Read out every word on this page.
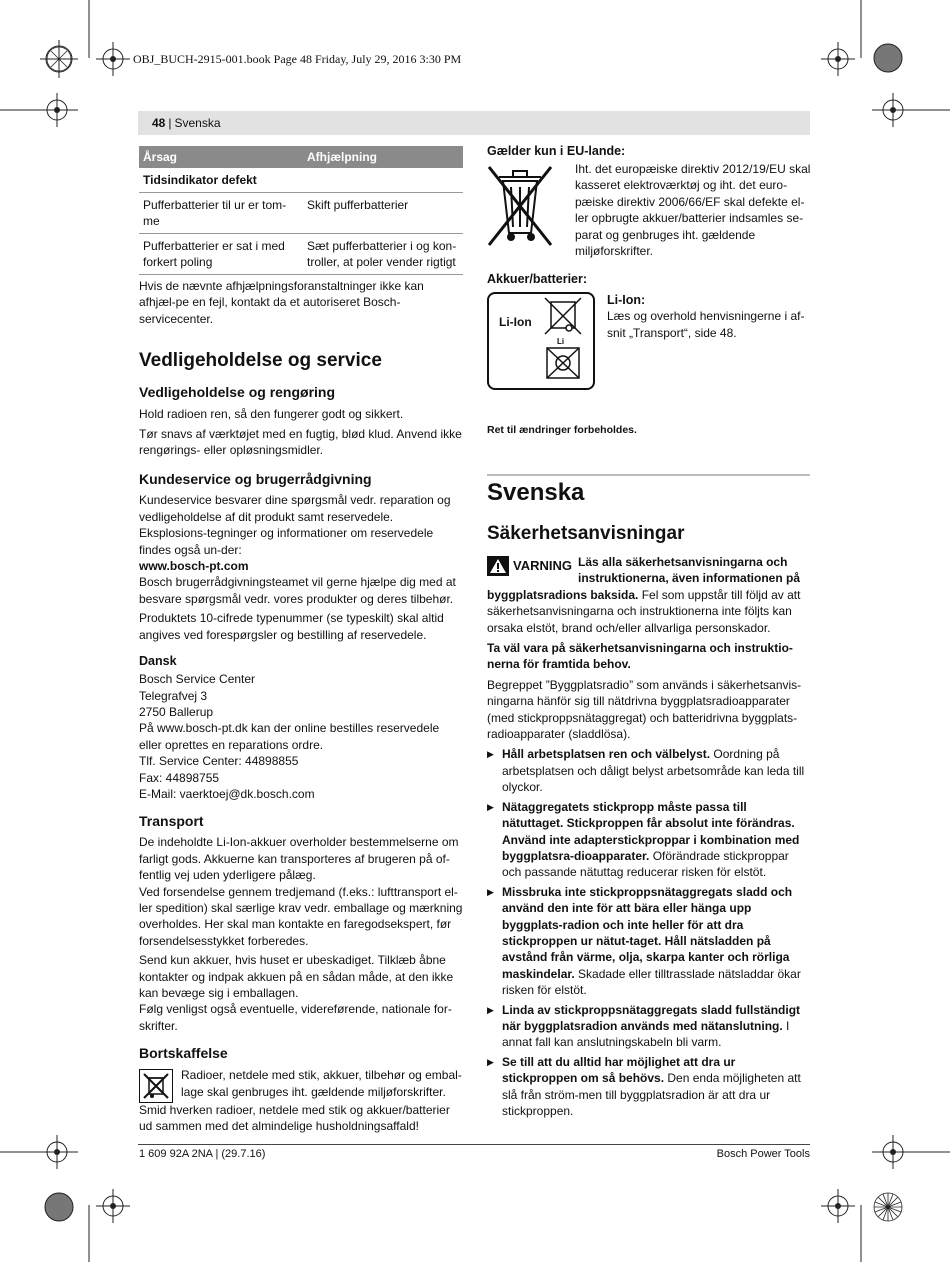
OBJ_BUCH-2915-001.book Page 48 Friday, July 29, 2016 3:30 PM
48 | Svenska
Årsag	Afhjælpning
Tidsindikator defekt	
Pufferbatterier til ur er tom-me	Skift pufferbatterier
Pufferbatterier er sat i med forkert poling	Sæt pufferbatterier i og kon-troller, at poler vender rigtigt

Hvis de nævnte afhjælpningsforanstaltninger ikke kan afhjæl-pe en fejl, kontakt da et autoriseret Bosch-servicecenter.

Vedligeholdelse og service
Vedligeholdelse og rengøring

Hold radioen ren, så den fungerer godt og sikkert.

Tør snavs af værktøjet med en fugtig, blød klud. Anvend ikke rengørings- eller opløsningsmidler.

Kundeservice og brugerrådgivning

Kundeservice besvarer dine spørgsmål vedr. reparation og vedligeholdelse af dit produkt samt reservedele. Eksplosions-tegninger og informationer om reservedele findes også un-der:

www.bosch-pt.com

Bosch brugerrådgivningsteamet vil gerne hjælpe dig med at besvare spørgsmål vedr. vores produkter og deres tilbehør.

Produktets 10-cifrede typenummer (se typeskilt) skal altid angives ved forespørgsler og bestilling af reservedele.

Dansk
Bosch Service Center
Telegrafvej 3
2750 Ballerup
På www.bosch-pt.dk kan der online bestilles reservedele eller oprettes en reparations ordre.
Tlf. Service Center: 44898855
Fax: 44898755
E-Mail: vaerktoej@dk.bosch.com
Transport

De indeholdte Li-Ion-akkuer overholder bestemmelserne om farligt gods. Akkuerne kan transporteres af brugeren på of-fentlig vej uden yderligere pålæg.

Ved forsendelse gennem tredjemand (f.eks.: lufttransport el-ler spedition) skal særlige krav vedr. emballage og mærkning overholdes. Her skal man kontakte en faregodsekspert, før forsendelsesstykket forberedes.

Send kun akkuer, hvis huset er ubeskadiget. Tilklæb åbne kontakter og indpak akkuen på en sådan måde, at den ikke kan bevæge sig i emballagen.

Følg venligst også eventuelle, videreførende, nationale for-skrifter.

Bortskaffelse

Radioer, netdele med stik, akkuer, tilbehør og embal-lage skal genbruges iht. gældende miljøforskrifter.

Smid hverken radioer, netdele med stik og akkuer/batterier ud sammen med det almindelige husholdningsaffald!

Gælder kun i EU-lande:

Iht. det europæiske direktiv 2012/19/EU skal kasseret elektroværktøj og iht. det euro-pæiske direktiv 2006/66/EF skal defekte el-ler opbrugte akkuer/batterier indsamles se-parat og genbruges iht. gældende miljøforskrifter.

Akkuer/batterier:
Li-Ion
Li
Li-Ion:

Læs og overhold henvisningerne i af-snit „Transport“, side 48.

Ret til ændringer forbeholdes.

Svenska
Säkerhetsanvisningar
VARNING Läs alla säkerhetsanvisningarna och instruktionerna, även informationen på byggplatsradions baksida. Fel som uppstår till följd av att säkerhetsanvisningarna och instruktionerna inte följts kan orsaka elstöt, brand och/eller allvarliga personskador.

Ta väl vara på säkerhetsanvisningarna och instruktio-nerna för framtida behov.

Begreppet ”Byggplatsradio” som används i säkerhetsanvis-ningarna hänför sig till nätdrivna byggplatsradioapparater (med stickproppsnätaggregat) och batteridrivna byggplats-radioapparater (sladdlösa).

▶ Håll arbetsplatsen ren och välbelyst. Oordning på arbetsplatsen och dåligt belyst arbetsområde kan leda till olyckor.

▶ Nätaggregatets stickpropp måste passa till nätuttaget. Stickproppen får absolut inte förändras. Använd inte adapterstickproppar i kombination med byggplatsra-dioapparater. Oförändrade stickproppar och passande nätuttag reducerar risken för elstöt.

▶ Missbruka inte stickproppsnätaggregats sladd och använd den inte för att bära eller hänga upp byggplats-radion och inte heller för att dra stickproppen ur nätut-taget. Håll nätsladden på avstånd från värme, olja, skarpa kanter och rörliga maskindelar. Skadade eller tilltrasslade nätsladdar ökar risken för elstöt.

▶ Linda av stickproppsnätaggregats sladd fullständigt när byggplatsradion används med nätanslutning. I annat fall kan anslutningskabeln bli varm.

▶ Se till att du alltid har möjlighet att dra ur stickproppen om så behövs. Den enda möjligheten att slå från ström-men till byggplatsradion är att dra ur stickproppen.

1 609 92A 2NA | (29.7.16)	Bosch Power Tools
